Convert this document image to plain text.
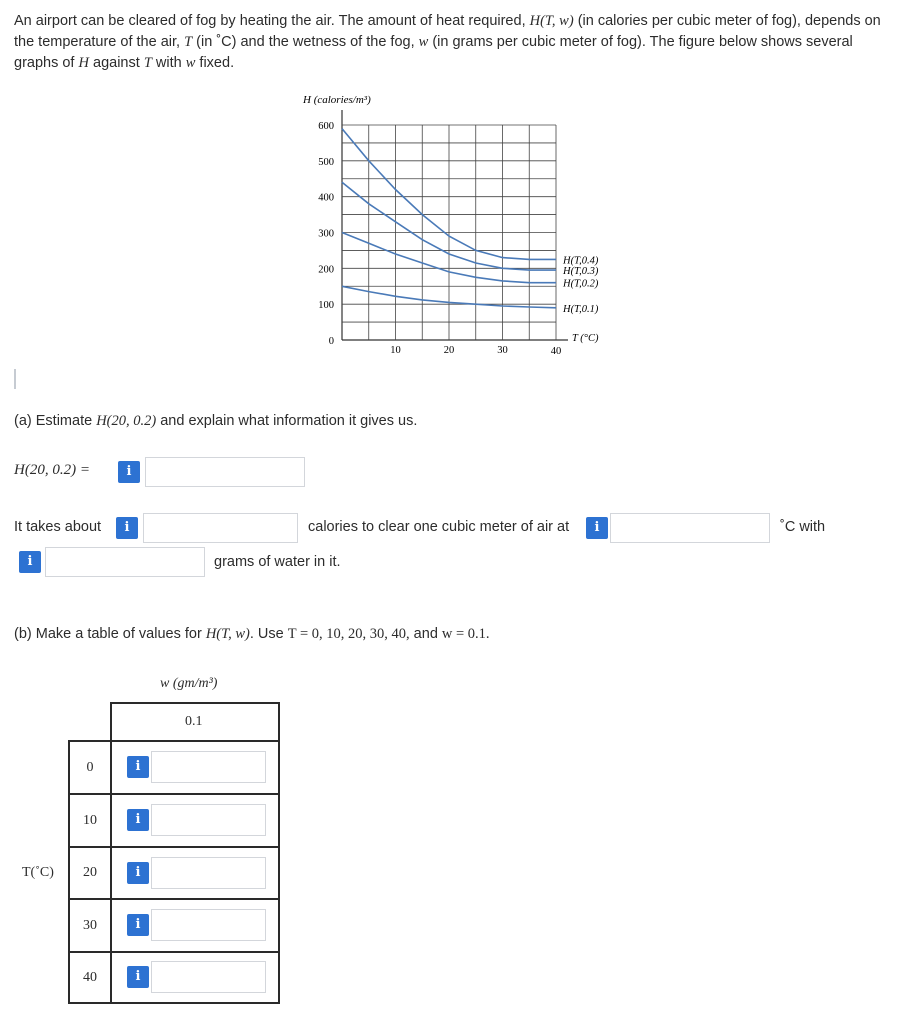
An airport can be cleared of fog by heating the air. The amount of heat required, H(T, w) (in calories per cubic meter of fog), depends on the temperature of the air, T (in ˚C) and the wetness of the fog, w (in grams per cubic meter of fog). The figure below shows several graphs of H against T with w fixed.
H (calories/m³)
600
500
400
300
200
100
0
10	20	30	40
H(T,0.4)
H(T,0.3)
H(T,0.2)
H(T,0.1)
T (°C)
(a) Estimate H(20, 0.2) and explain what information it gives us.
H(20, 0.2) =	i
It takes about	i	calories to clear one cubic meter of air at	i	˚C with
i	grams of water in it.
(b) Make a table of values for H(T, w). Use T = 0, 10, 20, 30, 40, and w = 0.1.
w (gm/m³)
0.1
T(˚C)
0	i
10	i
20	i
30	i
40	i
